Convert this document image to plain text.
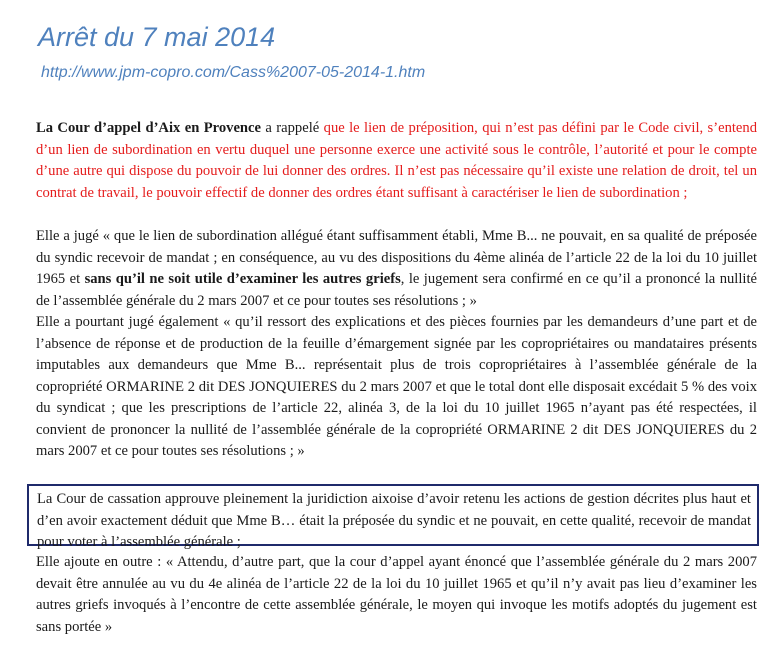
Arrêt du 7 mai 2014
http://www.jpm-copro.com/Cass%2007-05-2014-1.htm

La Cour d’appel d’Aix en Provence a rappelé que le lien de préposition, qui n’est pas défini par le Code civil, s’entend d’un lien de subordination en vertu duquel une personne exerce une activité sous le contrôle, l’autorité et pour le compte d’une autre qui dispose du pouvoir de lui donner des ordres. Il n’est pas nécessaire qu’il existe une relation de droit, tel un contrat de travail, le pouvoir effectif de donner des ordres étant suffisant à caractériser le lien de subordination ;

Elle a jugé « que le lien de subordination allégué étant suffisamment établi, Mme B... ne pouvait, en sa qualité de préposée du syndic recevoir de mandat ; en conséquence, au vu des dispositions du 4ème alinéa de l’article 22 de la loi du 10 juillet 1965 et sans qu’il ne soit utile d’examiner les autres griefs, le jugement sera confirmé en ce qu’il a prononcé la nullité de l’assemblée générale du 2 mars 2007 et ce pour toutes ses résolutions ; »

Elle a pourtant jugé également « qu’il ressort des explications et des pièces fournies par les demandeurs d’une part et de l’absence de réponse et de production de la feuille d’émargement signée par les copropriétaires ou mandataires présents imputables aux demandeurs que Mme B... représentait plus de trois copropriétaires à l’assemblée générale de la copropriété ORMARINE 2 dit DES JONQUIERES du 2 mars 2007 et que le total dont elle disposait excédait 5 % des voix du syndicat ; que les prescriptions de l’article 22, alinéa 3, de la loi du 10 juillet 1965 n’ayant pas été respectées, il convient de prononcer la nullité de l’assemblée générale de la copropriété ORMARINE 2 dit DES JONQUIERES du 2 mars 2007 et ce pour toutes ses résolutions ; »

La Cour de cassation approuve pleinement la juridiction aixoise d’avoir retenu les actions de gestion décrites plus haut et d’en avoir exactement déduit que Mme B… était la préposée du syndic et ne pouvait, en cette qualité, recevoir de mandat pour voter à l’assemblée générale ;

Elle ajoute en outre : « Attendu, d’autre part, que la cour d’appel ayant énoncé que l’assemblée générale du 2 mars 2007 devait être annulée au vu du 4e alinéa de l’article 22 de la loi du 10 juillet 1965 et qu’il n’y avait pas lieu d’examiner les autres griefs invoqués à l’encontre de cette assemblée générale, le moyen qui invoque les motifs adoptés du jugement est sans portée »
